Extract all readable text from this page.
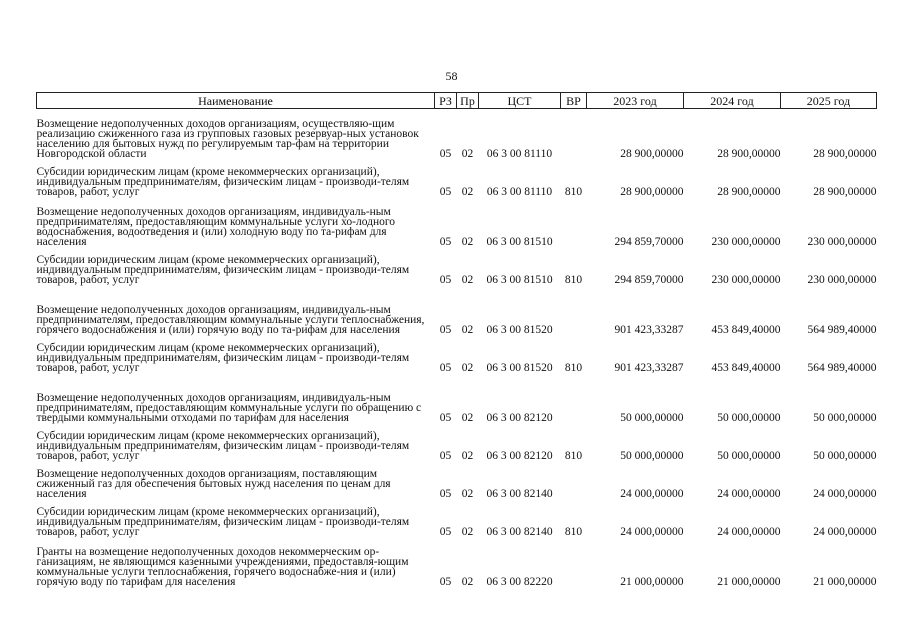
58
Наименование	РЗ	Пр	ЦСТ	ВР	2023 год	2024 год	2025 год
Возмещение недополученных доходов организациям, осуществляю-щим реализацию сжиженного газа из групповых газовых резервуар-ных установок населению для бытовых нужд по регулируемым тар-фам на территории Новгородской области	05	02	06 3 00 81110		28 900,00000	28 900,00000	28 900,00000
Субсидии юридическим лицам (кроме некоммерческих организаций), индивидуальным предпринимателям, физическим лицам - производи-телям товаров, работ, услуг	05	02	06 3 00 81110	810	28 900,00000	28 900,00000	28 900,00000
Возмещение недополученных доходов организациям, индивидуаль-ным предпринимателям, предоставляющим коммунальные услуги хо-лодного водоснабжения, водоотведения и (или) холодную воду по та-рифам для населения	05	02	06 3 00 81510		294 859,70000	230 000,00000	230 000,00000
Субсидии юридическим лицам (кроме некоммерческих организаций), индивидуальным предпринимателям, физическим лицам - производи-телям товаров, работ, услуг	05	02	06 3 00 81510	810	294 859,70000	230 000,00000	230 000,00000
Возмещение недополученных доходов организациям, индивидуаль-ным предпринимателям, предоставляющим коммунальные услуги теплоснабжения, горячего водоснабжения и (или) горячую воду по та-рифам для населения	05	02	06 3 00 81520		901 423,33287	453 849,40000	564 989,40000
Субсидии юридическим лицам (кроме некоммерческих организаций), индивидуальным предпринимателям, физическим лицам - производи-телям товаров, работ, услуг	05	02	06 3 00 81520	810	901 423,33287	453 849,40000	564 989,40000
Возмещение недополученных доходов организациям, индивидуаль-ным предпринимателям, предоставляющим коммунальные услуги по обращению с твердыми коммунальными отходами по тарифам для населения	05	02	06 3 00 82120		50 000,00000	50 000,00000	50 000,00000
Субсидии юридическим лицам (кроме некоммерческих организаций), индивидуальным предпринимателям, физическим лицам - производи-телям товаров, работ, услуг	05	02	06 3 00 82120	810	50 000,00000	50 000,00000	50 000,00000
Возмещение недополученных доходов организациям, поставляющим сжиженный газ для обеспечения бытовых нужд населения по ценам для населения	05	02	06 3 00 82140		24 000,00000	24 000,00000	24 000,00000
Субсидии юридическим лицам (кроме некоммерческих организаций), индивидуальным предпринимателям, физическим лицам - производи-телям товаров, работ, услуг	05	02	06 3 00 82140	810	24 000,00000	24 000,00000	24 000,00000
Гранты на возмещение недополученных доходов некоммерческим ор-ганизациям, не являющимся казенными учреждениями, предоставля-ющим коммунальные услуги теплоснабжения, горячего водоснабже-ния и (или) горячую воду по тарифам для населения	05	02	06 3 00 82220		21 000,00000	21 000,00000	21 000,00000
